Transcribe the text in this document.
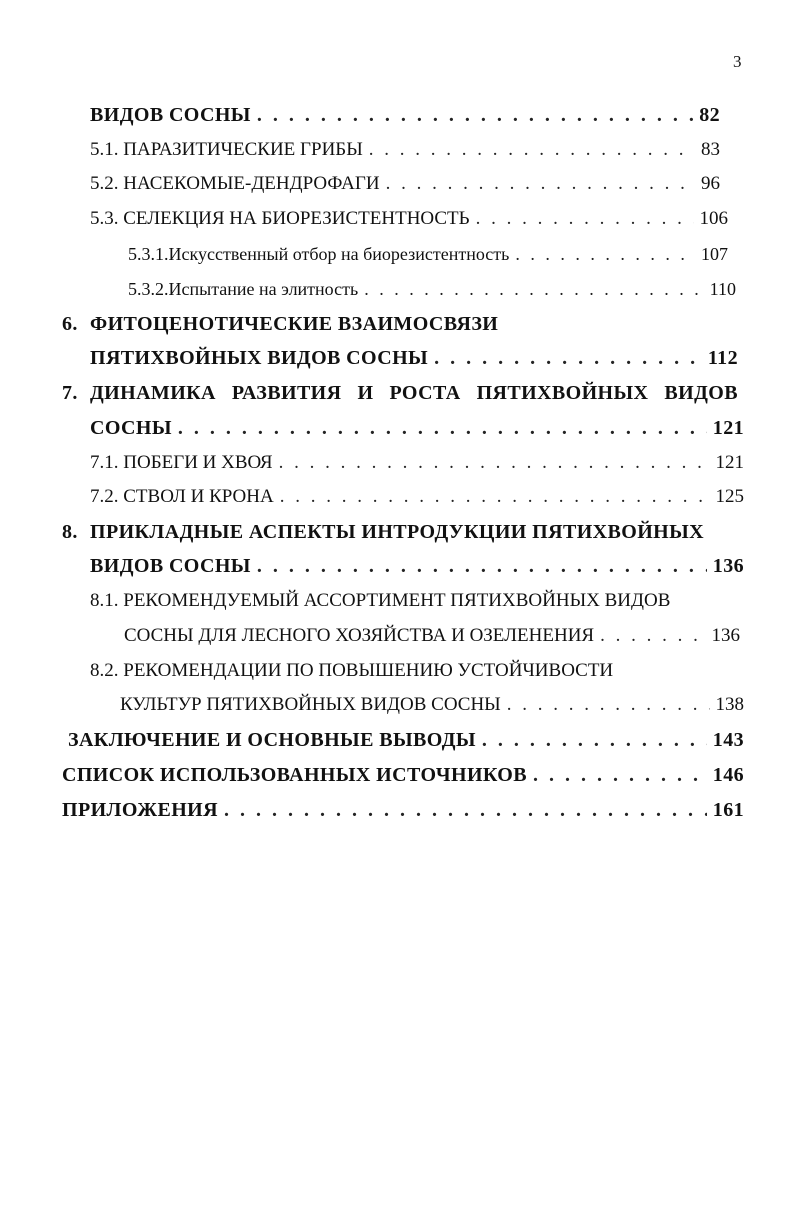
3
ВИДОВ СОСНЫ . . .	82
5.1. ПАРАЗИТИЧЕСКИЕ ГРИБЫ . . .	83
5.2. НАСЕКОМЫЕ-ДЕНДРОФАГИ . . .	96
5.3. СЕЛЕКЦИЯ НА БИОРЕЗИСТЕНТНОСТЬ . . .	106
5.3.1. Искусственный отбор на биорезистентность . . .	107
5.3.2. Испытание на элитность . . .	110
6. ФИТОЦЕНОТИЧЕСКИЕ ВЗАИМОСВЯЗИ
ПЯТИХВОЙНЫХ ВИДОВ СОСНЫ . . .	112
7. ДИНАМИКА РАЗВИТИЯ И РОСТА ПЯТИХВОЙНЫХ ВИДОВ
СОСНЫ . . .	121
7.1. ПОБЕГИ И ХВОЯ . . .	121
7.2. СТВОЛ И КРОНА . . .	125
8. ПРИКЛАДНЫЕ АСПЕКТЫ ИНТРОДУКЦИИ ПЯТИХВОЙНЫХ
ВИДОВ СОСНЫ . . .	136
8.1. РЕКОМЕНДУЕМЫЙ АССОРТИМЕНТ ПЯТИХВОЙНЫХ ВИДОВ
СОСНЫ ДЛЯ ЛЕСНОГО ХОЗЯЙСТВА И ОЗЕЛЕНЕНИЯ . . .	136
8.2. РЕКОМЕНДАЦИИ ПО ПОВЫШЕНИЮ УСТОЙЧИВОСТИ
КУЛЬТУР ПЯТИХВОЙНЫХ ВИДОВ СОСНЫ . . .	138
ЗАКЛЮЧЕНИЕ И ОСНОВНЫЕ ВЫВОДЫ . . .	143
СПИСОК ИСПОЛЬЗОВАННЫХ ИСТОЧНИКОВ . . .	146
ПРИЛОЖЕНИЯ . . .	161
